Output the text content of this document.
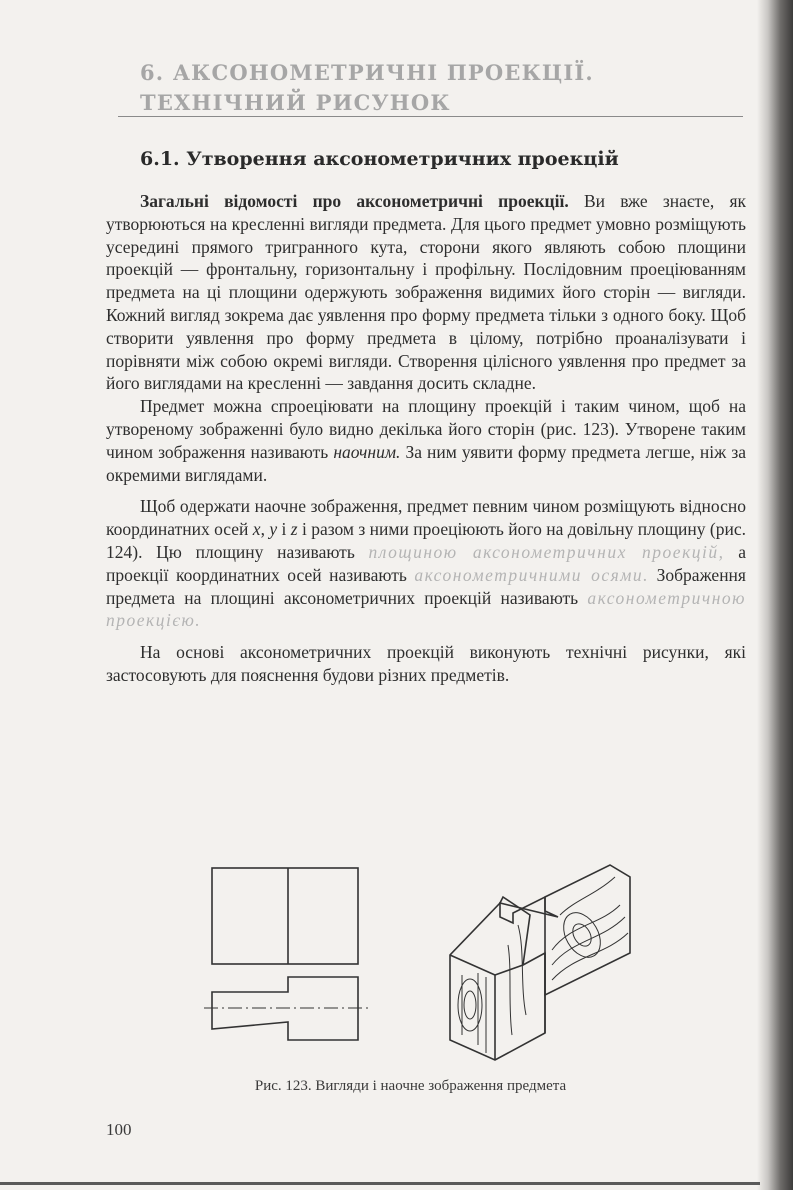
6. АКСОНОМЕТРИЧНІ ПРОЕКЦІЇ.
ТЕХНІЧНИЙ РИСУНОК
6.1. Утворення аксонометричних проекцій

Загальні відомості про аксонометричні проекції. Ви вже знаєте, як утворюються на кресленні вигляди предмета. Для цього предмет умовно розміщують усередині прямого тригранного кута, сторони якого являють собою площини проекцій — фронтальну, горизонтальну і профільну. Послідовним проеціюванням предмета на ці площини одержують зображення видимих його сторін — вигляди. Кожний вигляд зокрема дає уявлення про форму предмета тільки з одного боку. Щоб створити уявлення про форму предмета в цілому, потрібно проаналізувати і порівняти між собою окремі вигляди. Створення цілісного уявлення про предмет за його виглядами на кресленні — завдання досить складне.

Предмет можна спроеціювати на площину проекцій і таким чином, щоб на утвореному зображенні було видно декілька його сторін (рис. 123). Утворене таким чином зображення називають наочним. За ним уявити форму предмета легше, ніж за окремими виглядами.

Щоб одержати наочне зображення, предмет певним чином розміщують відносно координатних осей x, y і z і разом з ними проеціюють його на довільну площину (рис. 124). Цю площину називають площиною аксонометричних проекцій, а проекції координатних осей називають аксонометричними осями. Зображення предмета на площині аксонометричних проекцій називають аксонометричною проекцією.

На основі аксонометричних проекцій виконують технічні рисунки, які застосовують для пояснення будови різних предметів.

Рис. 123. Вигляди і наочне зображення предмета
100
